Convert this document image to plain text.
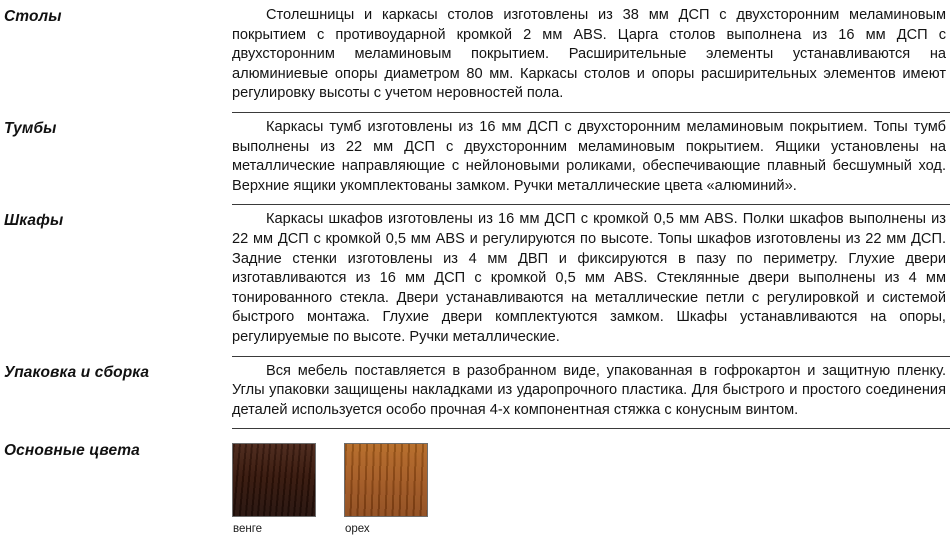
Столы	Столешницы и каркасы столов изготовлены из 38 мм ДСП с двухсторонним меламиновым покрытием с противоударной кромкой 2 мм ABS. Царга столов выполнена из 16 мм ДСП с двухсторонним меламиновым покрытием. Расширительные элементы устанавливаются на алюминиевые опоры диаметром 80 мм. Каркасы столов и опоры расширительных элементов имеют регулировку высоты с учетом неровностей пола.

Тумбы	Каркасы тумб изготовлены из 16 мм ДСП с двухсторонним меламиновым покрытием. Топы тумб выполнены из 22 мм ДСП с двухсторонним меламиновым покрытием. Ящики установлены на металлические направляющие с нейлоновыми роликами, обеспечивающие плавный бесшумный ход. Верхние ящики укомплектованы замком. Ручки металлические цвета «алюминий».

Шкафы	Каркасы шкафов изготовлены из 16 мм ДСП с кромкой 0,5 мм ABS. Полки шкафов выполнены из 22 мм ДСП с кромкой 0,5 мм ABS и регулируются по высоте. Топы шкафов изготовлены из 22 мм ДСП. Задние стенки изготовлены из 4 мм ДВП и фиксируются в пазу по периметру. Глухие двери изготавливаются из 16 мм ДСП с кромкой 0,5 мм ABS. Стеклянные двери выполнены из 4 мм тонированного стекла. Двери устанавливаются на металлические петли с регулировкой и системой быстрого монтажа. Глухие двери комплектуются замком. Шкафы устанавливаются на опоры, регулируемые по высоте. Ручки металлические.

Упаковка и сборка	Вся мебель поставляется в разобранном виде, упакованная в гофрокартон и защитную пленку. Углы упаковки защищены накладками из ударопрочного пластика. Для быстрого и простого соединения деталей используется особо прочная 4-х компонентная стяжка с конусным винтом.

Основные цвета
венге	орех
